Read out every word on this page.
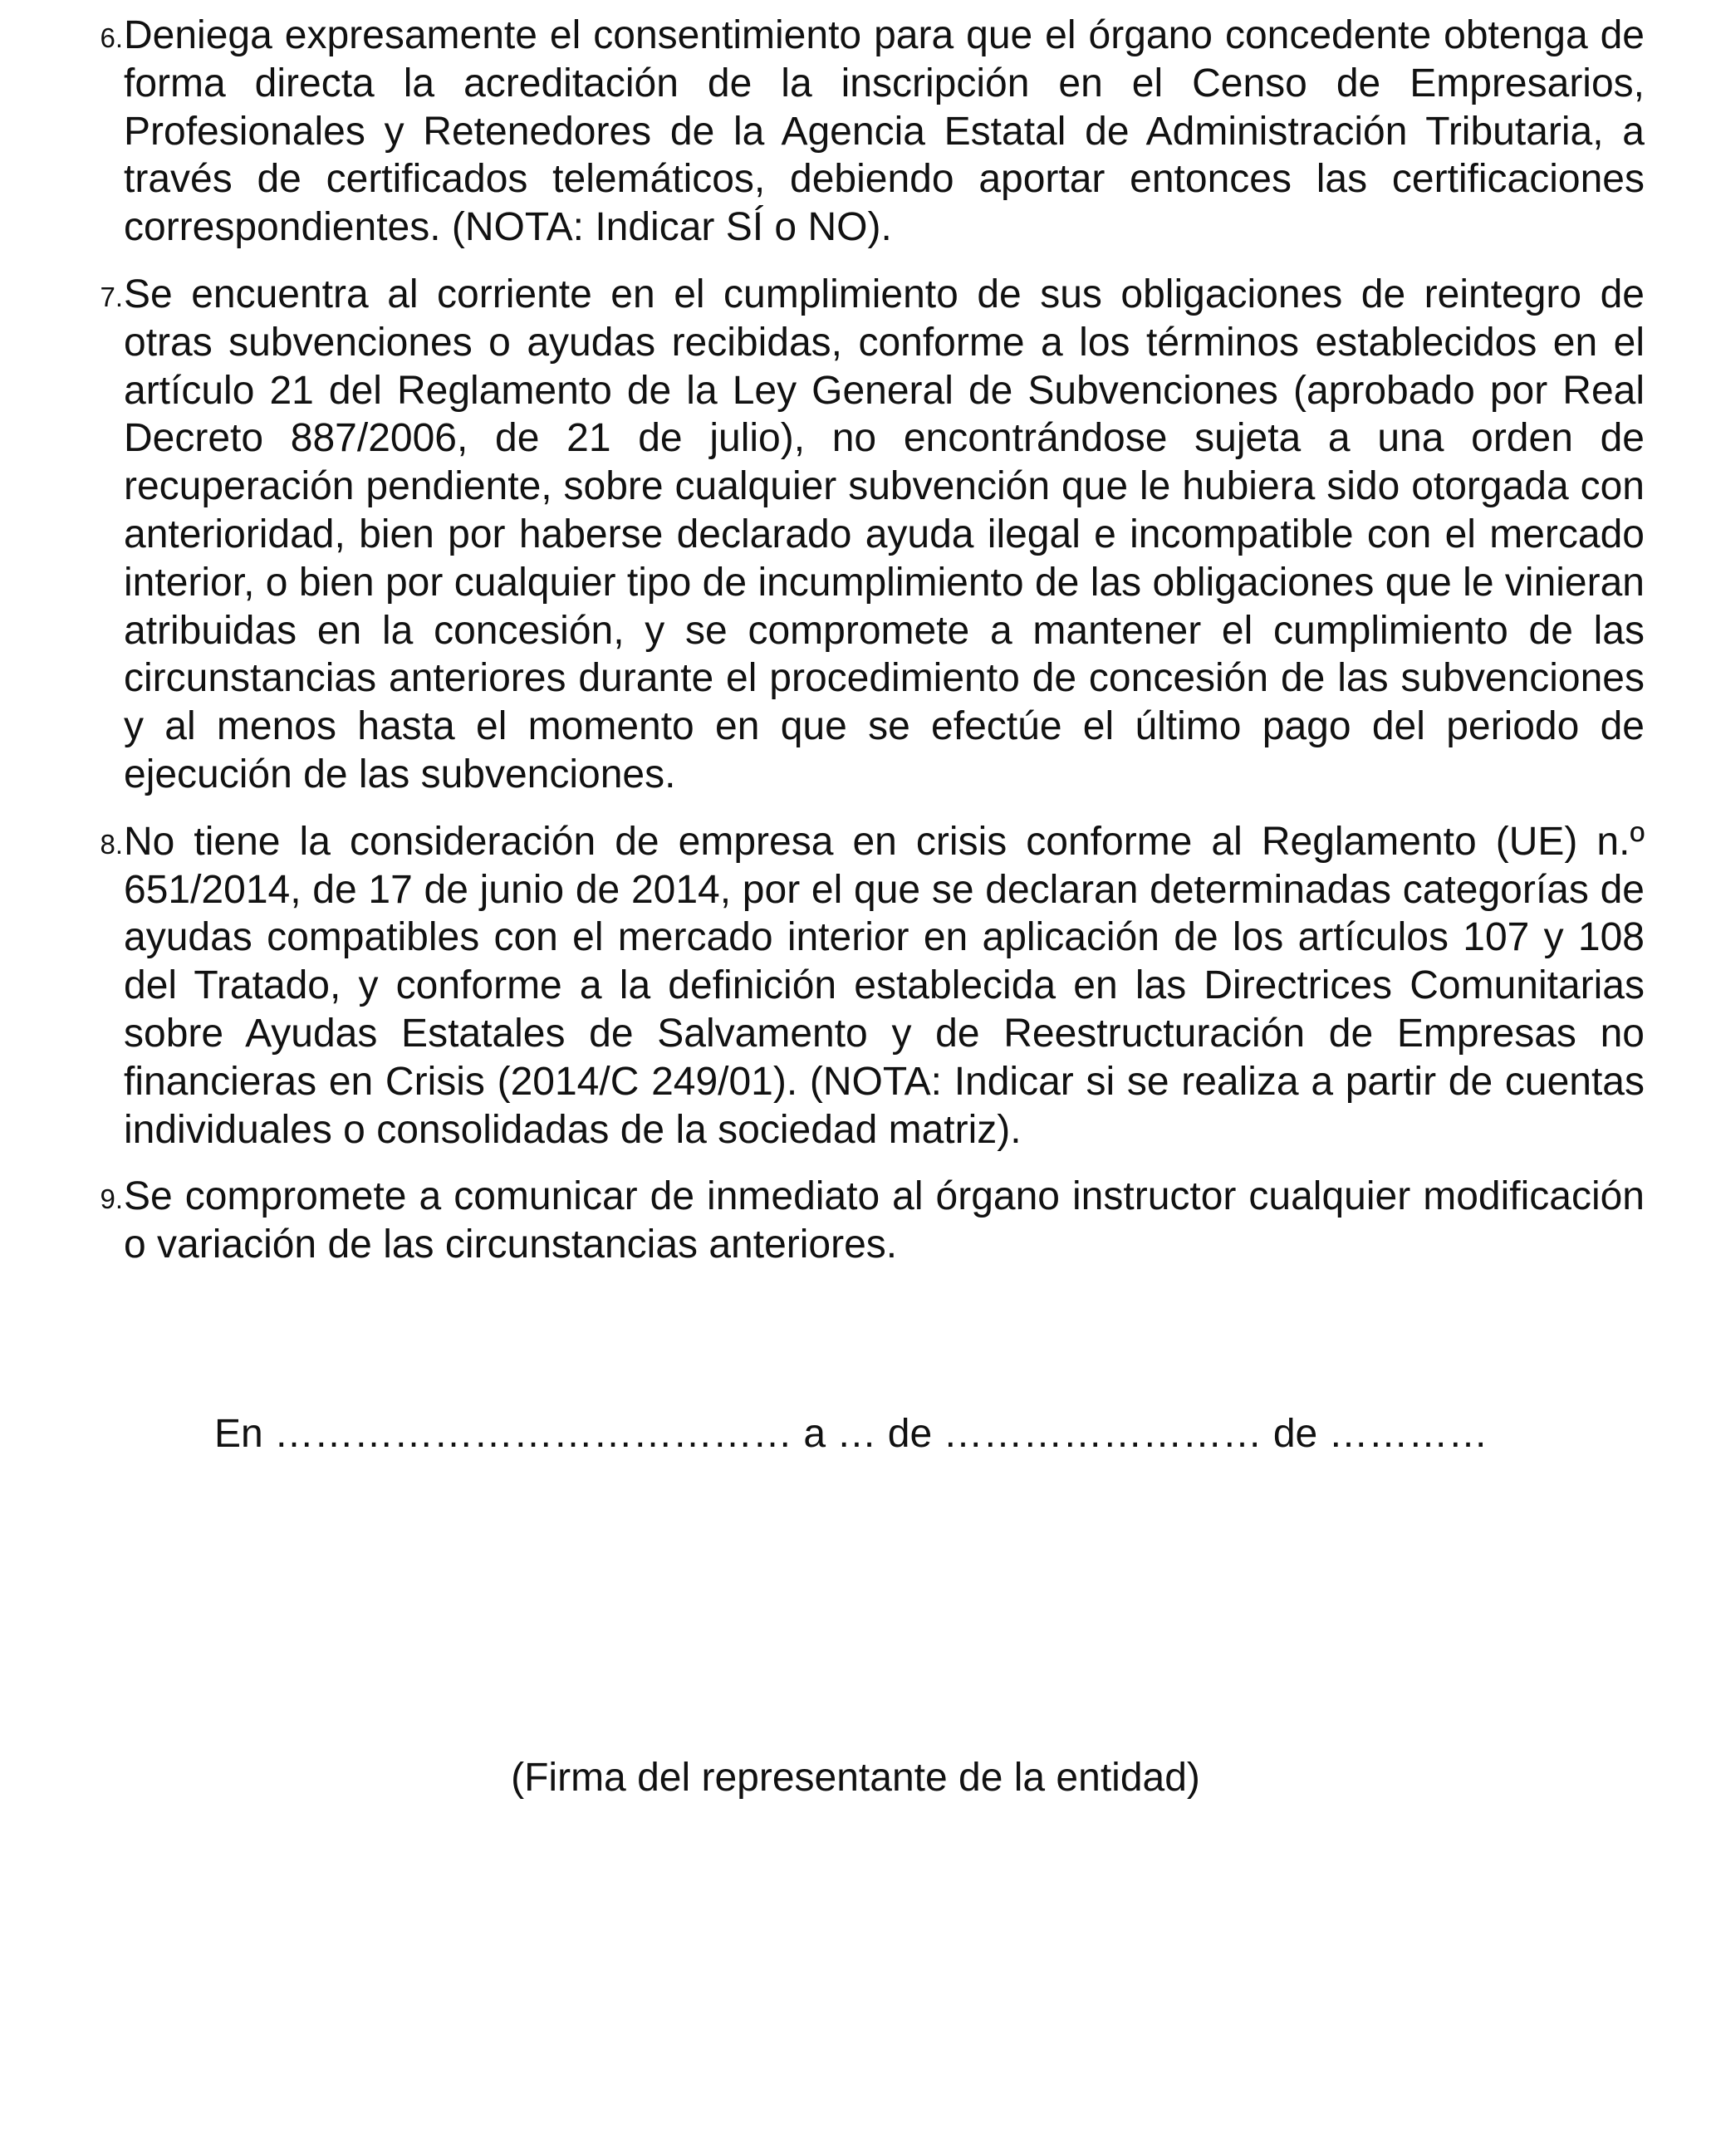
6. Deniega expresamente el consentimiento para que el órgano concedente obtenga de forma directa la acreditación de la inscripción en el Censo de Empresarios, Profesionales y Retenedores de la Agencia Estatal de Administración Tributaria, a través de certificados telemáticos, debiendo aportar entonces las certificaciones correspondientes. (NOTA: Indicar SÍ o NO).
7. Se encuentra al corriente en el cumplimiento de sus obligaciones de reintegro de otras subvenciones o ayudas recibidas, conforme a los términos establecidos en el artículo 21 del Reglamento de la Ley General de Subvenciones (aprobado por Real Decreto 887/2006, de 21 de julio), no encontrándose sujeta a una orden de recuperación pendiente, sobre cualquier subvención que le hubiera sido otorgada con anterioridad, bien por haberse declarado ayuda ilegal e incompatible con el mercado interior, o bien por cualquier tipo de incumplimiento de las obligaciones que le vinieran atribuidas en la concesión, y se compromete a mantener el cumplimiento de las circunstancias anteriores durante el procedimiento de concesión de las subvenciones y al menos hasta el momento en que se efectúe el último pago del periodo de ejecución de las subvenciones.
8. No tiene la consideración de empresa en crisis conforme al Reglamento (UE) n.º 651/2014, de 17 de junio de 2014, por el que se declaran determinadas categorías de ayudas compatibles con el mercado interior en aplicación de los artículos 107 y 108 del Tratado, y conforme a la definición establecida en las Directrices Comunitarias sobre Ayudas Estatales de Salvamento y de Reestructuración de Empresas no financieras en Crisis (2014/C 249/01). (NOTA: Indicar si se realiza a partir de cuentas individuales o consolidadas de la sociedad matriz).
9. Se compromete a comunicar de inmediato al órgano instructor cualquier modificación o variación de las circunstancias anteriores.
En ………………………………… a … de …………………… de …………
(Firma del representante de la entidad)
